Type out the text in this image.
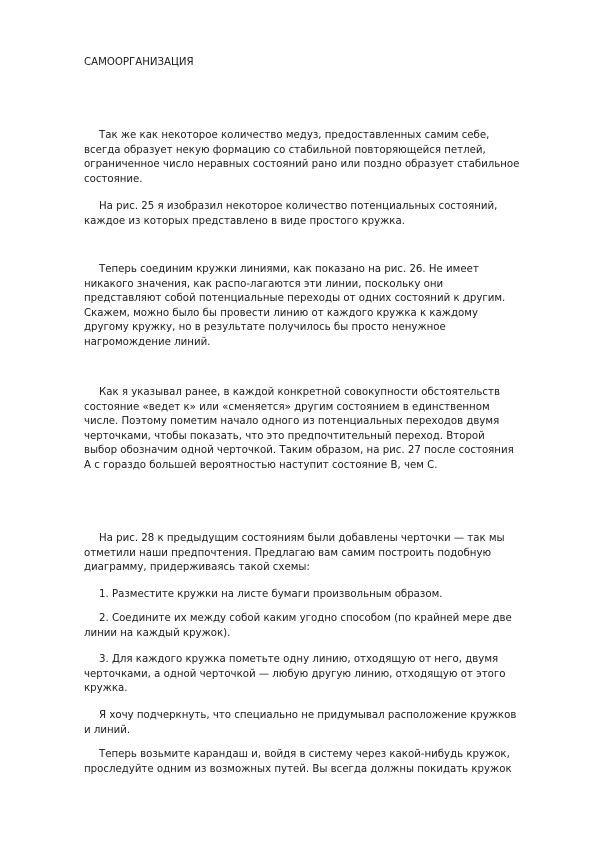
САМООРГАНИЗАЦИЯ

Так же как некоторое количество медуз, предоставленных самим себе,
всегда образует некую формацию со стабильной повторяющейся петлей,
ограниченное число неравных состояний рано или поздно образует стабильное
состояние.

На рис. 25 я изобразил некоторое количество потенциальных состояний,
каждое из которых представлено в виде простого кружка.

Теперь соединим кружки линиями, как показано на рис. 26. Не имеет
никакого значения, как распо-лагаются эти линии, поскольку они
представляют собой потенциальные переходы от одних состояний к другим.
Скажем, можно было бы провести линию от каждого кружка к каждому
другому кружку, но в результате получилось бы просто ненужное
нагромождение линий.

Как я указывал ранее, в каждой конкретной совокупности обстоятельств
состояние «ведет к» или «сменяется» другим состоянием в единственном
числе. Поэтому пометим начало одного из потенциальных переходов двумя
черточками, чтобы показать, что это предпочтительный переход. Второй
выбор обозначим одной черточкой. Таким образом, на рис. 27 после состояния
А с гораздо большей вероятностью наступит состояние В, чем С.

На рис. 28 к предыдущим состояниям были добавлены черточки — так мы
отметили наши предпочтения. Предлагаю вам самим построить подобную
диаграмму, придерживаясь такой схемы:

1. Разместите кружки на листе бумаги произвольным образом.

2. Соедините их между собой каким угодно способом (по крайней мере две
линии на каждый кружок).

3. Для каждого кружка пометьте одну линию, отходящую от него, двумя
черточками, а одной черточкой — любую другую линию, отходящую от этого
кружка.

Я хочу подчеркнуть, что специально не придумывал расположение кружков
и линий.

Теперь возьмите карандаш и, войдя в систему через какой-нибудь кружок,
проследуйте одним из возможных путей. Вы всегда должны покидать кружок
